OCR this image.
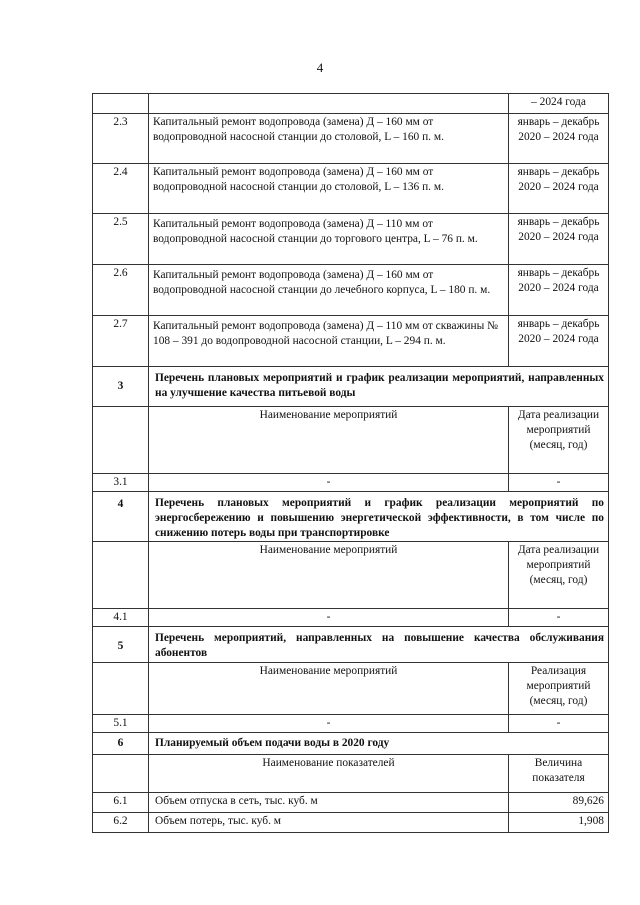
4
		– 2024 года
2.3	Капитальный ремонт водопровода (замена) Д – 160 мм от водопроводной насосной станции до столовой, L – 160 п. м.	январь – декабрь 2020 – 2024 года
2.4	Капитальный ремонт водопровода (замена) Д – 160 мм от водопроводной насосной станции до столовой, L – 136 п. м.	январь – декабрь 2020 – 2024 года
2.5	Капитальный ремонт водопровода (замена) Д – 110 мм от водопроводной насосной станции до торгового центра, L – 76 п. м.	январь – декабрь 2020 – 2024 года
2.6	Капитальный ремонт водопровода (замена) Д – 160 мм от водопроводной насосной станции до лечебного корпуса, L – 180 п. м.	январь – декабрь 2020 – 2024 года
2.7	Капитальный ремонт водопровода (замена) Д – 110 мм от скважины № 108 – 391 до водопроводной насосной станции, L – 294 п. м.	январь – декабрь 2020 – 2024 года
3	Перечень плановых мероприятий и график реализации мероприятий, направленных на улучшение качества питьевой воды	
	Наименование мероприятий	Дата реализации мероприятий (месяц, год)
3.1	-	-
4	Перечень плановых мероприятий и график реализации мероприятий по энергосбережению и повышению энергетической эффективности, в том числе по снижению потерь воды при транспортировке	
	Наименование мероприятий	Дата реализации мероприятий (месяц, год)
4.1	-	-
5	Перечень мероприятий, направленных на повышение качества обслуживания абонентов	
	Наименование мероприятий	Реализация мероприятий (месяц, год)
5.1	-	-
6	Планируемый объем подачи воды в 2020 году	
	Наименование показателей	Величина показателя
6.1	Объем отпуска в сеть, тыс. куб. м	89,626
6.2	Объем потерь, тыс. куб. м	1,908
